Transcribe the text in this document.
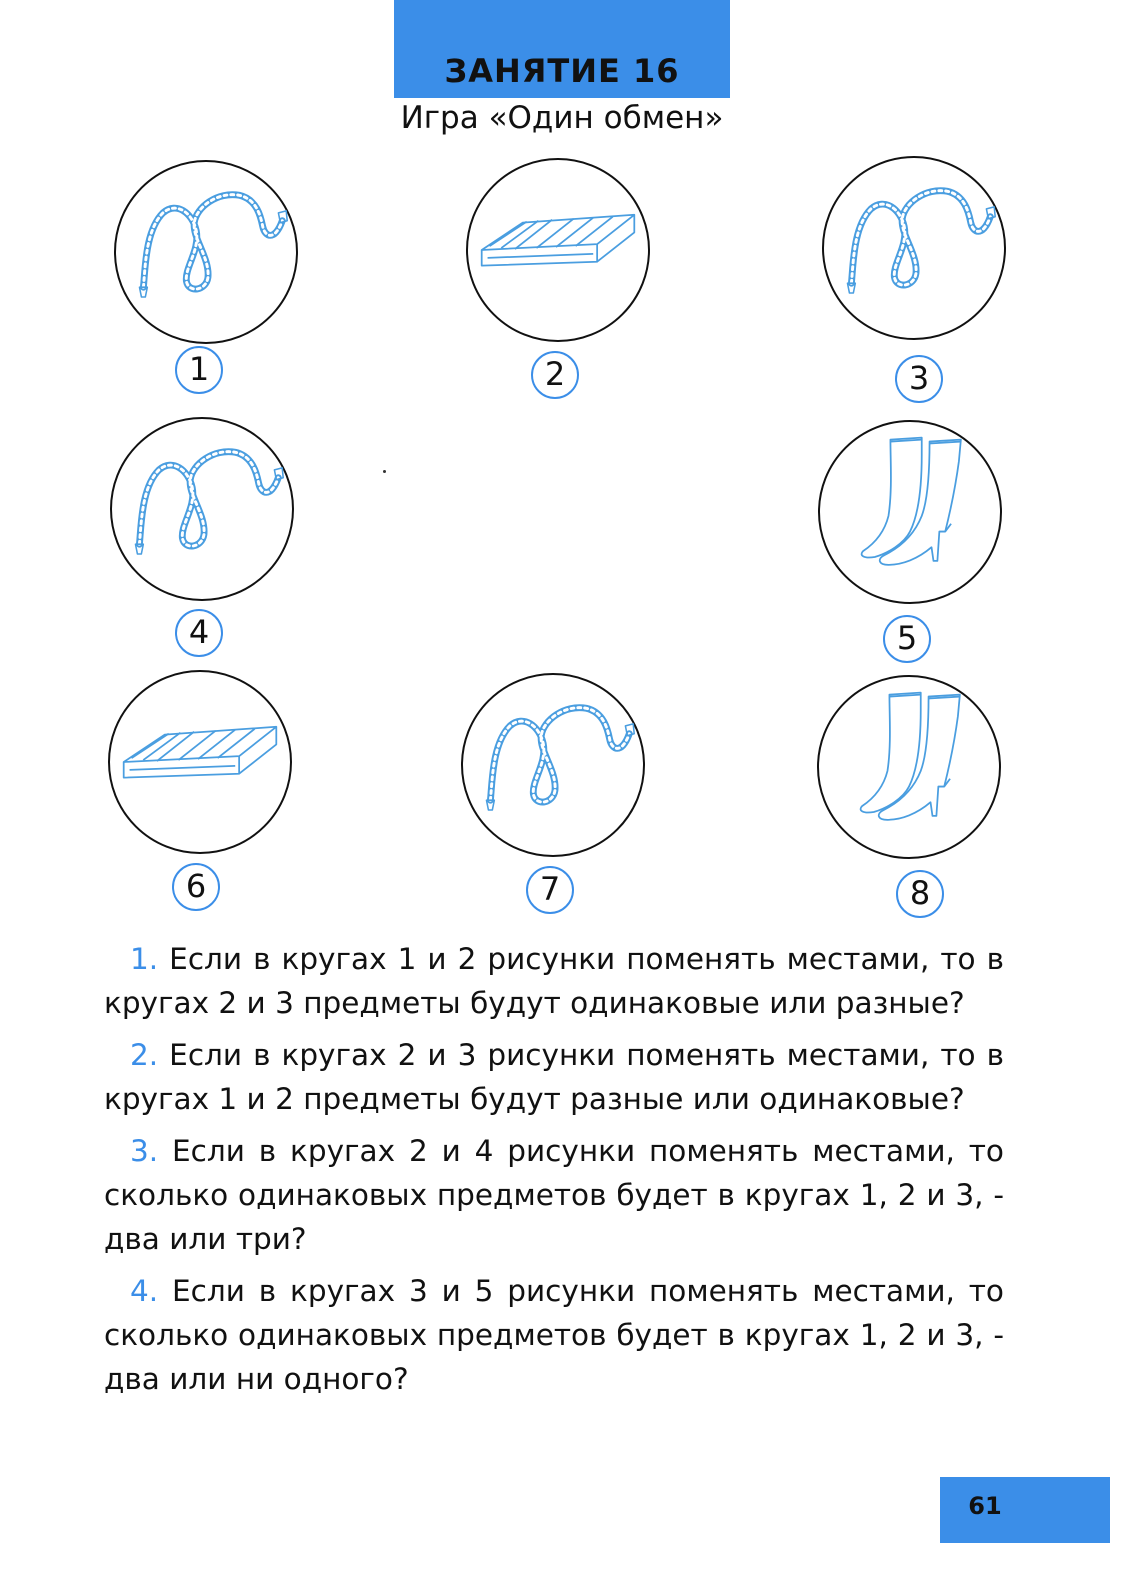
ЗАНЯТИЕ 16
Игра «Один обмен»
1	2	3
4	5
6	7	8

1. Если в кругах 1 и 2 рисунки поменять местами, то в кругах 2 и 3 предметы будут одинаковые или разные?

2. Если в кругах 2 и 3 рисунки поменять местами, то в кругах 1 и 2 предметы будут разные или одинаковые?

3. Если в кругах 2 и 4 рисунки поменять местами, то сколько одинаковых предметов будет в кругах 1, 2 и 3, - два или три?

4. Если в кругах 3 и 5 рисунки поменять местами, то сколько одинаковых предметов будет в кругах 1, 2 и 3, - два или ни одного?

61
